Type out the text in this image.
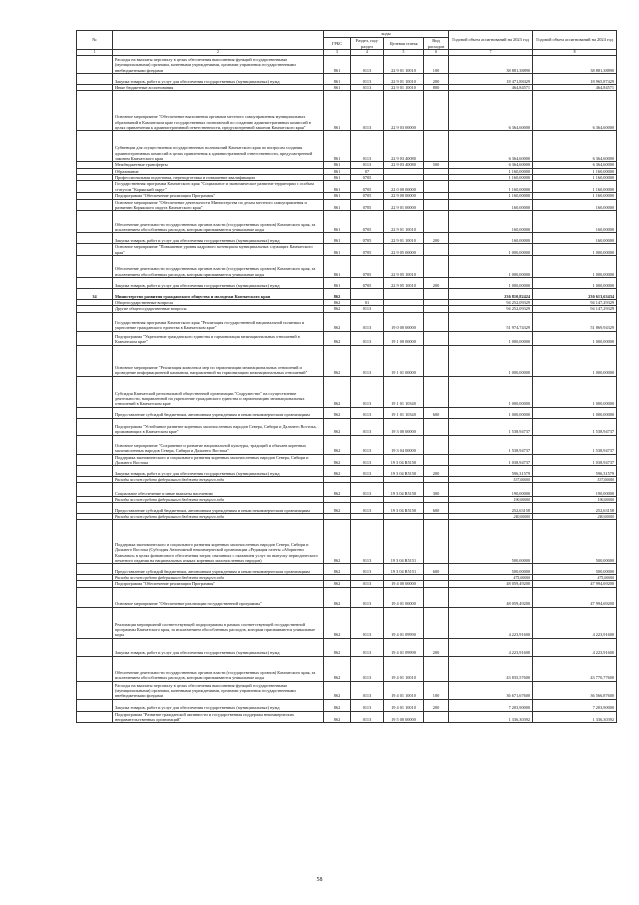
№		коды				Годовой объем ассигнований на 2023 год	Годовой объем ассигнований на 2024 год
		ГРБС	Раздел, под-раздел	Целевая статья	Вид расходов		
1	2	3	4	5	6	7	8
	Расходы на выплаты персоналу в целях обеспечения выполнения функций государственными (муниципальными) органами, казенными учреждениями, органами управления государственными внебюджетными фондами	861	0113	22 9 01 10010	100	38 881,38890	38 881,38890
	Закупка товаров, работ и услуг для обеспечения государственных (муниципальных) нужд	861	0113	22 9 01 10010	200	18 471,88429	18 965,87429
	Иные бюджетные ассигнования	861	0113	22 9 01 10010	800	464,84571	464,84571
	Основное мероприятие "Обеспечение выполнения органами местного самоуправления муниципальных образований в Камчатском крае государственных полномочий по созданию административных комиссий в целях привлечения к административной ответственности, предусмотренной законом Камчатского края"	861	0113	22 9 03 00000		6 364,60000	6 364,60000
	Субвенции для осуществления государственных полномочий Камчатского края по вопросам создания административных комиссий в целях привлечения к административной ответственности, предусмотренной законом Камчатского края	861	0113	22 9 03 40080		6 364,60000	6 364,60000
	Межбюджетные трансферты	861	0113	22 9 03 40080	500	6 364,60000	6 364,60000
	Образование	861	07			1 160,00000	1 160,00000
	Профессиональная подготовка, переподготовка и повышение квалификации	861	0705			1 160,00000	1 160,00000
	Государственная программа Камчатского края "Социальное и экономическое развитие территории с особым статусом "Корякский округ"	861	0705	22 0 00 00000		1 160,00000	1 160,00000
	Подпрограмма "Обеспечение реализации Программы"	861	0705	22 9 00 00000		1 160,00000	1 160,00000
	Основное мероприятие "Обеспечение деятельности Министерства по делам местного самоуправления и развитию Корякского округа Камчатского края"	861	0705	22 9 01 00000		160,00000	160,00000
	Обеспечение деятельности государственных органов власти (государственных органов) Камчатского края, за исключением обособленных расходов, которым присваиваются уникальные коды	861	0705	22 9 01 10010		160,00000	160,00000
	Закупка товаров, работ и услуг для обеспечения государственных (муниципальных) нужд	861	0705	22 9 01 10010	200	160,00000	160,00000
	Основное мероприятие "Повышение уровня кадрового потенциала муниципальных служащих Камчатского края"	861	0705	22 9 05 00000		1 000,00000	1 000,00000
	Обеспечение деятельности государственных органов власти (государственных органов) Камчатского края, за исключением обособленных расходов, которым присваиваются уникальные коды	861	0705	22 9 05 10010		1 000,00000	1 000,00000
	Закупка товаров, работ и услуг для обеспечения государственных (муниципальных) нужд	861	0705	22 9 05 10010	200	1 000,00000	1 000,00000
34	Министерство развития гражданского общества и молодежи Камчатского края	862				236 810,82424	236 613,63434
	Общегосударственные вопросы	862	01			94 252,09329	94 147,29329
	Другие общегосударственные вопросы	862	0113			94 252,09329	94 147,29329
	Государственная программа Камчатского края "Реализация государственной национальной политики и укрепление гражданского единства в Камчатском крае"	862	0113	19 0 00 00000		51 974,74329	51 869,94329
	Подпрограмма "Укрепление гражданского единства и гармонизация межнациональных отношений в Камчатском крае"	862	0113	19 1 00 00000		1 000,00000	1 000,00000
	Основное мероприятие "Реализация комплекса мер по гармонизации межнациональных отношений и проведение информационной кампании, направленной на гармонизацию межнациональных отношений"	862	0113	19 1 01 00000		1 000,00000	1 000,00000
	Субсидия Камчатской региональной общественной организации "Содружество" на осуществление деятельности, направленной на укрепление гражданского единства и гармонизацию межнациональных отношений в Камчатском крае	862	0113	19 1 01 10340		1 000,00000	1 000,00000
	Предоставление субсидий бюджетным, автономным учреждениям и иным некоммерческим организациям	862	0113	19 1 01 10340	600	1 000,00000	1 000,00000
	Подпрограмма "Устойчивое развитие коренных малочисленных народов Севера, Сибири и Дальнего Востока, проживающих в Камчатском крае"	862	0113	19 3 00 00000		1 538,94737	1 538,94737
	Основное мероприятие "Сохранение и развитие национальной культуры, традиций и обычаев коренных малочисленных народов Севера, Сибири и Дальнего Востока"	862	0113	19 3 04 00000		1 538,94737	1 538,94737
	Поддержка экономического и социального развития коренных малочисленных народов Севера, Сибири и Дальнего Востока	862	0113	19 3 04 R5150		1 038,94737	1 038,94737
	Закупка товаров, работ и услуг для обеспечения государственных (муниципальных) нужд	862	0113	19 3 04 R5150	200	596,31579	596,31579
	Расходы за счет средств федерального бюджета текущего года					537,00000	537,00000
	Социальное обеспечение и иные выплаты населению	862	0113	19 3 04 R5150	300	190,00000	190,00000
	Расходы за счет средств федерального бюджета текущего года					190,00000	190,00000
	Предоставление субсидий бюджетным, автономным учреждениям и иным некоммерческим организациям	862	0113	19 3 04 R5150	600	252,63158	252,63158
	Расходы за счет средств федерального бюджета текущего года					240,00000	240,00000
	Поддержка экономического и социального развития коренных малочисленных народов Севера, Сибири и Дальнего Востока (Субсидия Автономной некоммерческой организации «Редакция газеты «Аборигени Камчатки» в целях финансового обеспечения затрат, связанных с оказанием услуг по выпуску периодического печатного издания на национальных языках коренных малочисленных народов)	862	0113	19 3 04 R5151		500,00000	500,00000
	Предоставление субсидий бюджетным, автономным учреждениям и иным некоммерческим организациям	862	0113	19 3 04 R5151	600	500,00000	500,00000
	Расходы за счет средств федерального бюджета текущего года					475,00000	475,00000
	Подпрограмма "Обеспечение реализации Программы"	862	0113	19 4 00 00000		48 059,49200	47 994,69200
	Основное мероприятие "Обеспечение реализации государственной программы"	862	0113	19 4 01 00000		48 059,49200	47 994,69200
	Реализация мероприятий соответствующей подпрограммы в рамках соответствующей государственной программы Камчатского края, за исключением обособленных расходов, которым присваиваются уникальные коды	862	0113	19 4 01 09990		4 223,91600	4 223,91600
	Закупка товаров, работ и услуг для обеспечения государственных (муниципальных) нужд	862	0113	19 4 01 09990	200	4 223,91600	4 223,91600
	Обеспечение деятельности государственных органов власти (государственных органов) Камчатского края, за исключением обособленных расходов, которым присваиваются уникальные коды	862	0113	19 4 01 10010		43 835,57600	43 770,77600
	Расходы на выплаты персоналу в целях обеспечения выполнения функций государственными (муниципальными) органами, казенными учреждениями, органами управления государственными внебюджетными фондами	862	0113	19 4 01 10010	100	36 671,67600	36 566,87600
	Закупка товаров, работ и услуг для обеспечения государственных (муниципальных) нужд	862	0113	19 4 01 10010	200	7 203,90000	7 203,90000
	Подпрограмма "Развитие гражданской активности и государственная поддержка некоммерческих неправительственных организаций"	862	0113	19 5 00 00000		1 336,30392	1 336,30392
58
